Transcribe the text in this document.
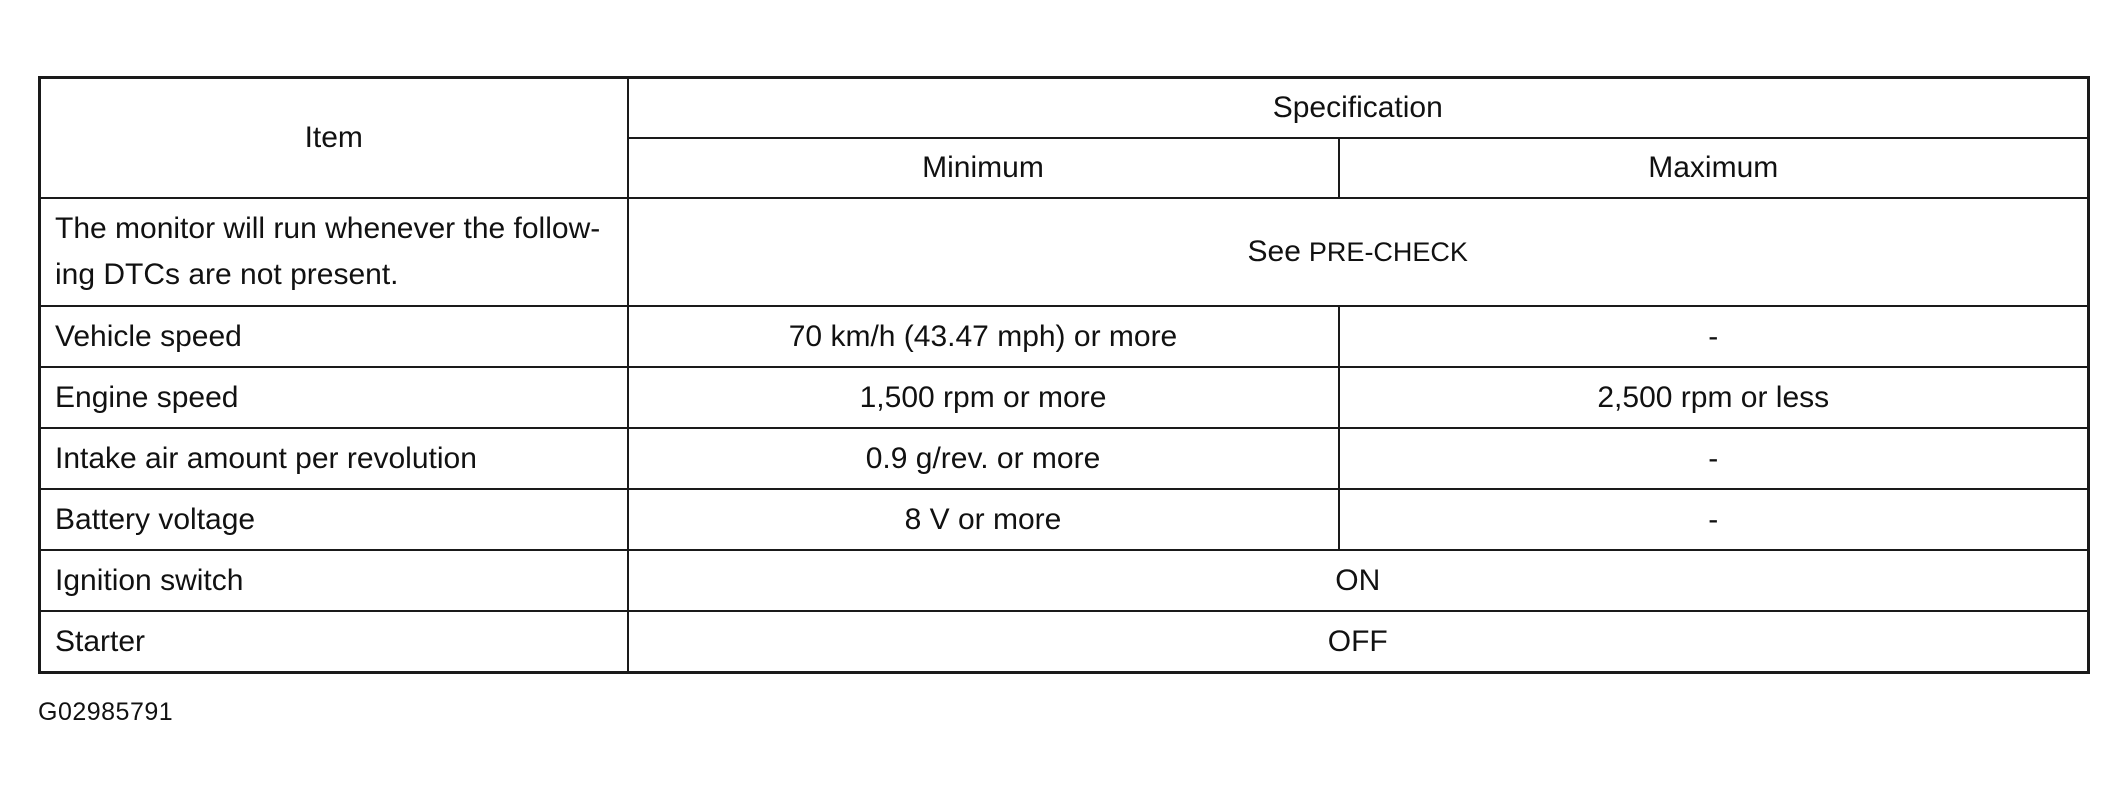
Item	Specification	
	Minimum	Maximum
The monitor will run whenever the follow-
ing DTCs are not present.	See PRE-CHECK	
Vehicle speed	70 km/h (43.47 mph) or more	-
Engine speed	1,500 rpm or more	2,500 rpm or less
Intake air amount per revolution	0.9 g/rev. or more	-
Battery voltage	8 V or more	-
Ignition switch	ON	
Starter	OFF	
G02985791
